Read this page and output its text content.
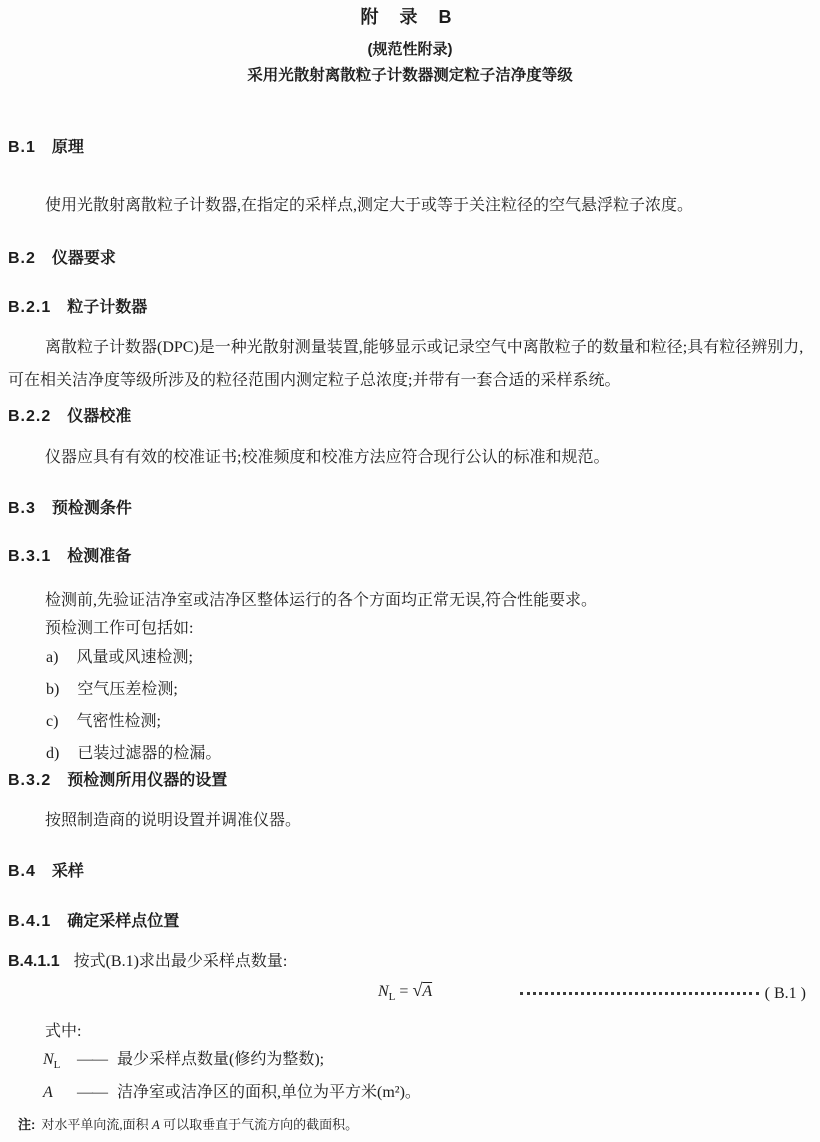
附 录 B
(规范性附录)
采用光散射离散粒子计数器测定粒子洁净度等级
B.1 原理

使用光散射离散粒子计数器,在指定的采样点,测定大于或等于关注粒径的空气悬浮粒子浓度。

B.2 仪器要求
B.2.1 粒子计数器

离散粒子计数器(DPC)是一种光散射测量装置,能够显示或记录空气中离散粒子的数量和粒径;具有粒径辨别力,可在相关洁净度等级所涉及的粒径范围内测定粒子总浓度;并带有一套合适的采样系统。

B.2.2 仪器校准

仪器应具有有效的校准证书;校准频度和校准方法应符合现行公认的标准和规范。

B.3 预检测条件
B.3.1 检测准备

检测前,先验证洁净室或洁净区整体运行的各个方面均正常无误,符合性能要求。

预检测工作可包括如:

a) 风量或风速检测;
b) 空气压差检测;
c) 气密性检测;
d) 已装过滤器的检漏。
B.3.2 预检测所用仪器的设置

按照制造商的说明设置并调准仪器。

B.4 采样
B.4.1 确定采样点位置
B.4.1.1 按式(B.1)求出最少采样点数量:
$N_L = √A$	( B.1 )
式中:
$N_L$	—— 最少采样点数量(修约为整数);
A	—— 洁净室或洁净区的面积,单位为平方米(m²)。
注: 对水平单向流,面积 A 可以取垂直于气流方向的截面积。
